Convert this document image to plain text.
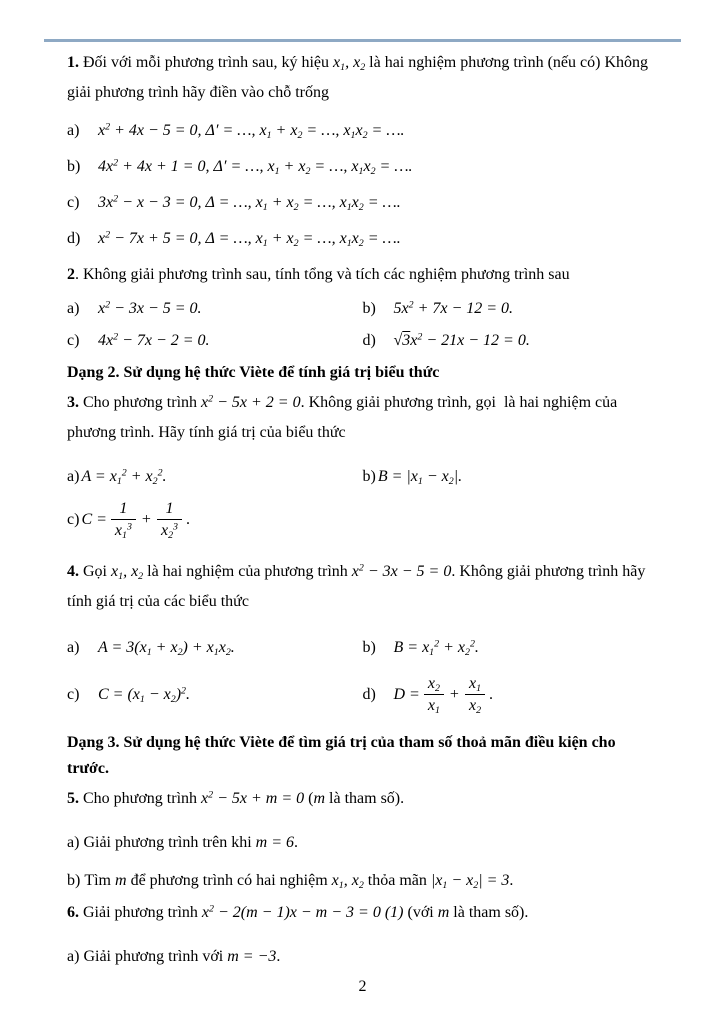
1. Đối với mỗi phương trình sau, ký hiệu $x_1$, $x_2$ là hai nghiệm phương trình (nếu có) Không giải phương trình hãy điền vào chỗ trống

a) $x^2 + 4x - 5 = 0$, Δ′ = …, $x_1 + x_2$ = …, $x_1x_2$ = ….
b) $4x^2 + 4x + 1 = 0$, Δ′ = …, $x_1 + x_2$ = …, $x_1x_2$ = ….
c) $3x^2 - x - 3 = 0$, Δ = …, $x_1 + x_2$ = …, $x_1x_2$ = ….
d) $x^2 - 7x + 5 = 0$, Δ = …, $x_1 + x_2$ = …, $x_1x_2$ = ….

2. Không giải phương trình sau, tính tổng và tích các nghiệm phương trình sau

a) $x^2 - 3x - 5 = 0$.	b) $5x^2 + 7x - 12 = 0$.
c) $4x^2 - 7x - 2 = 0$.	d) $√3x^2 - 21x - 12 = 0$.

Dạng 2. Sử dụng hệ thức Viète để tính giá trị biểu thức

3. Cho phương trình $x^2 - 5x + 2 = 0$. Không giải phương trình, gọi là hai nghiệm của phương trình. Hãy tính giá trị của biểu thức

a) $A = x_1^2 + x_2^2$.	b) $B = |x_1 - x_2|$.
c) $C = \frac{1}{x_1^3} + \frac{1}{x_2^3}$ .

4. Gọi $x_1$, $x_2$ là hai nghiệm của phương trình $x^2 - 3x - 5 = 0$. Không giải phương trình hãy tính giá trị của các biểu thức

a) $A = 3(x_1 + x_2) + x_1x_2$.	b) $B = x_1^2 + x_2^2$.
c)	$C = (x_1 - x_2)^2$.	d) $D = \frac{x_2}{x_1} + \frac{x_1}{x_2}$ .

Dạng 3. Sử dụng hệ thức Viète để tìm giá trị của tham số thoả mãn điều kiện cho trước.

5. Cho phương trình $x^2 - 5x + m = 0$ (m là tham số).

a) Giải phương trình trên khi m = 6.
b) Tìm m để phương trình có hai nghiệm $x_1$, $x_2$ thỏa mãn $|x_1 - x_2| = 3$.

6. Giải phương trình $x^2 - 2(m - 1)x - m - 3 = 0$ (1) (với m là tham số).

a) Giải phương trình với m = −3.
2
